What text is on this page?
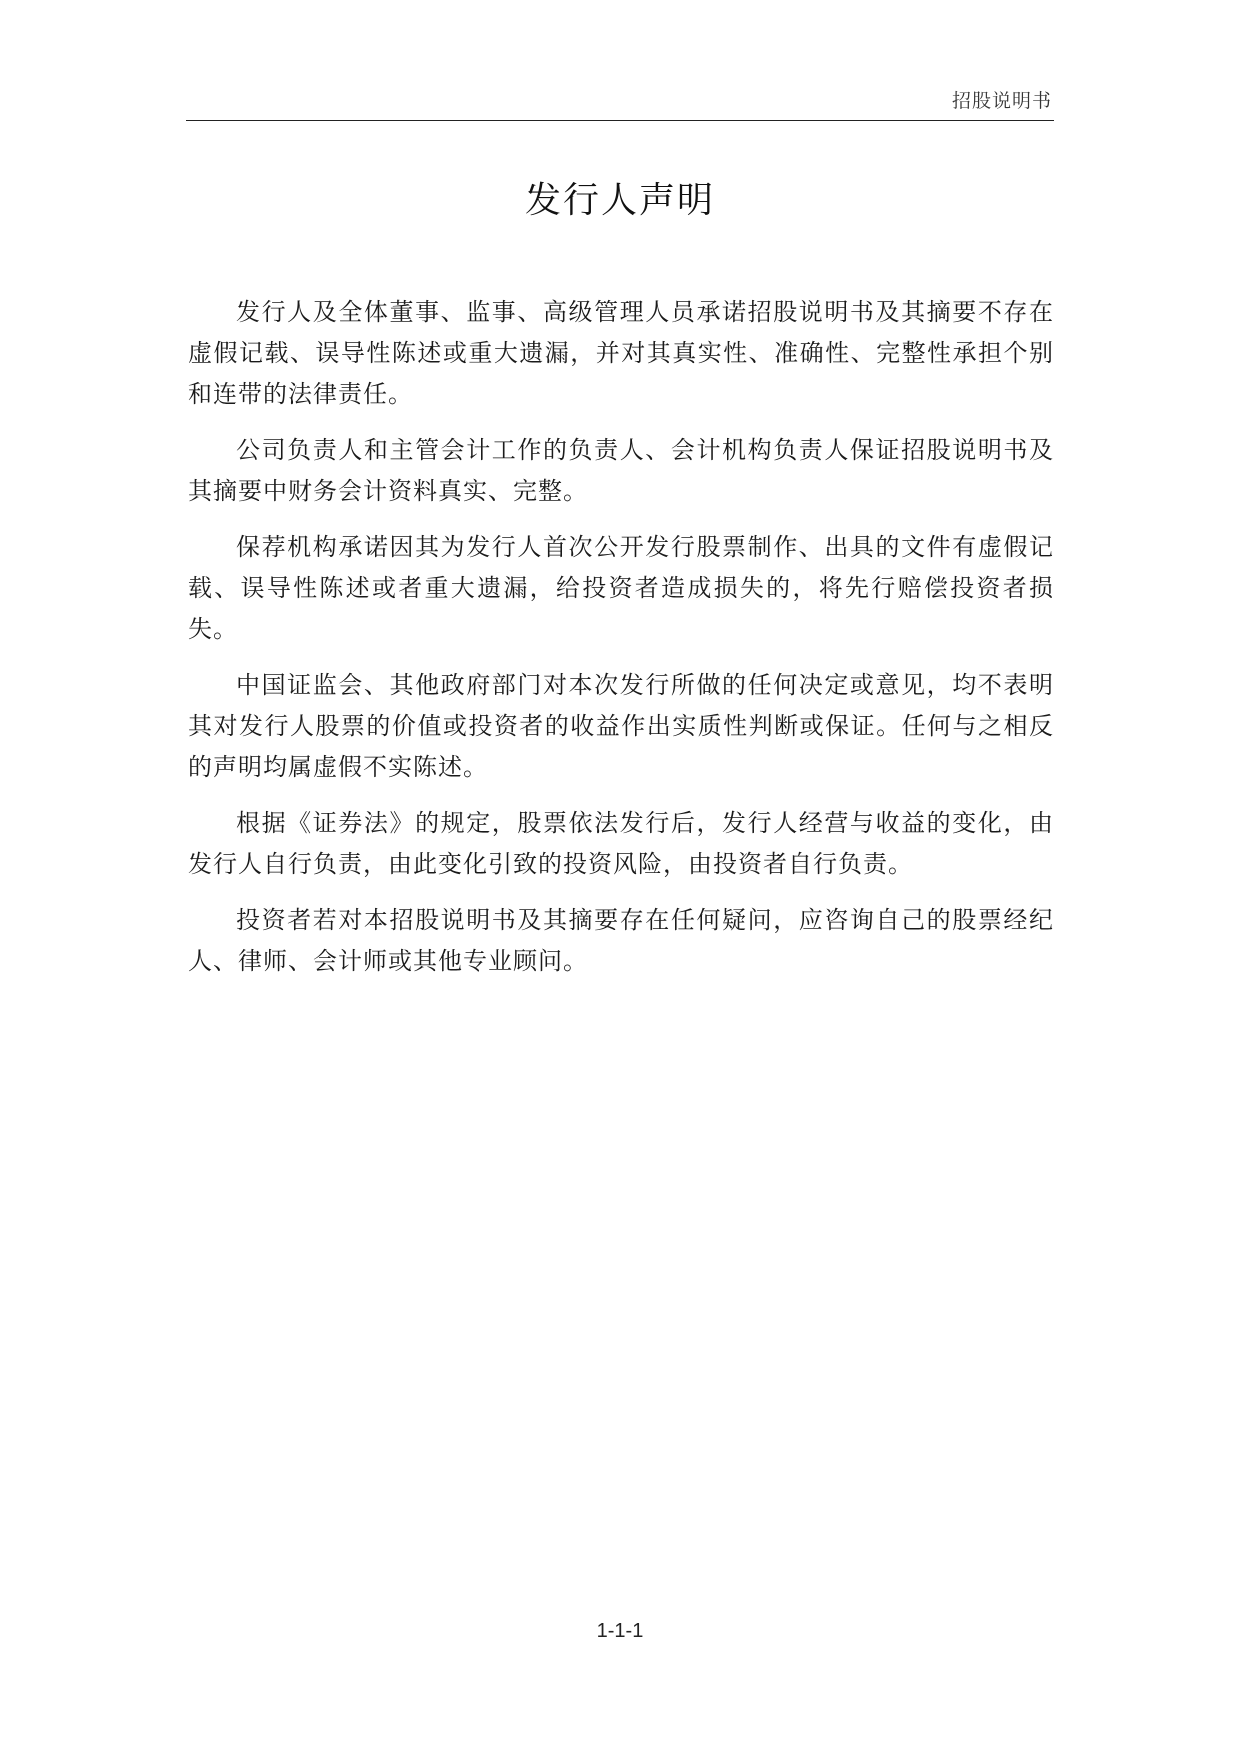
招股说明书
发行人声明

发行人及全体董事、监事、高级管理人员承诺招股说明书及其摘要不存在虚假记载、误导性陈述或重大遗漏，并对其真实性、准确性、完整性承担个别和连带的法律责任。

公司负责人和主管会计工作的负责人、会计机构负责人保证招股说明书及其摘要中财务会计资料真实、完整。

保荐机构承诺因其为发行人首次公开发行股票制作、出具的文件有虚假记载、误导性陈述或者重大遗漏，给投资者造成损失的，将先行赔偿投资者损失。

中国证监会、其他政府部门对本次发行所做的任何决定或意见，均不表明其对发行人股票的价值或投资者的收益作出实质性判断或保证。任何与之相反的声明均属虚假不实陈述。

根据《证券法》的规定，股票依法发行后，发行人经营与收益的变化，由发行人自行负责，由此变化引致的投资风险，由投资者自行负责。

投资者若对本招股说明书及其摘要存在任何疑问，应咨询自己的股票经纪人、律师、会计师或其他专业顾问。

1-1-1
